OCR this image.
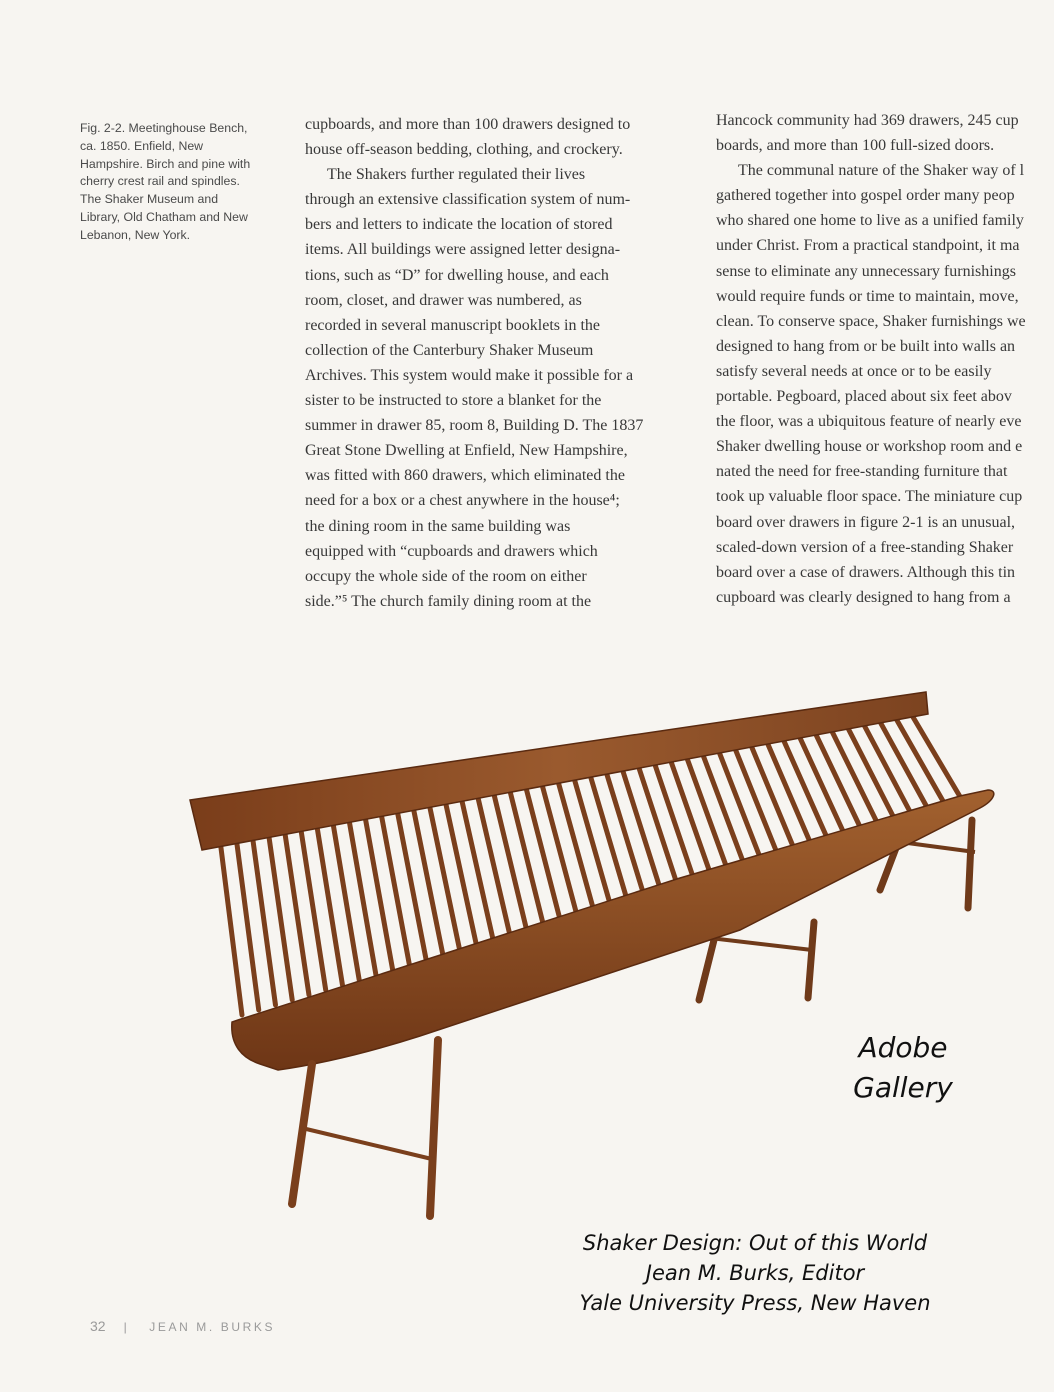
Fig. 2-2. Meetinghouse Bench,
ca. 1850. Enfield, New
Hampshire. Birch and pine with
cherry crest rail and spindles.
The Shaker Museum and
Library, Old Chatham and New
Lebanon, New York.
cupboards, and more than 100 drawers designed to
house off-season bedding, clothing, and crockery.
The Shakers further regulated their lives
through an extensive classification system of num-
bers and letters to indicate the location of stored
items. All buildings were assigned letter designa-
tions, such as “D” for dwelling house, and each
room, closet, and drawer was numbered, as
recorded in several manuscript booklets in the
collection of the Canterbury Shaker Museum
Archives. This system would make it possible for a
sister to be instructed to store a blanket for the
summer in drawer 85, room 8, Building D. The 1837
Great Stone Dwelling at Enfield, New Hampshire,
was fitted with 860 drawers, which eliminated the
need for a box or a chest anywhere in the house⁴;
the dining room in the same building was
equipped with “cupboards and drawers which
occupy the whole side of the room on either
side.”⁵ The church family dining room at the
Hancock community had 369 drawers, 245 cup
boards, and more than 100 full-sized doors.
The communal nature of the Shaker way of l
gathered together into gospel order many peop
who shared one home to live as a unified family
under Christ. From a practical standpoint, it ma
sense to eliminate any unnecessary furnishings
would require funds or time to maintain, move,
clean. To conserve space, Shaker furnishings we
designed to hang from or be built into walls an
satisfy several needs at once or to be easily
portable. Pegboard, placed about six feet abov
the floor, was a ubiquitous feature of nearly eve
Shaker dwelling house or workshop room and e
nated the need for free-standing furniture that
took up valuable floor space. The miniature cup
board over drawers in figure 2-1 is an unusual,
scaled-down version of a free-standing Shaker
board over a case of drawers. Although this tin
cupboard was clearly designed to hang from a
Adobe
Gallery
Shaker Design: Out of this World
Jean M. Burks, Editor
Yale University Press, New Haven
32 | JEAN M. BURKS
